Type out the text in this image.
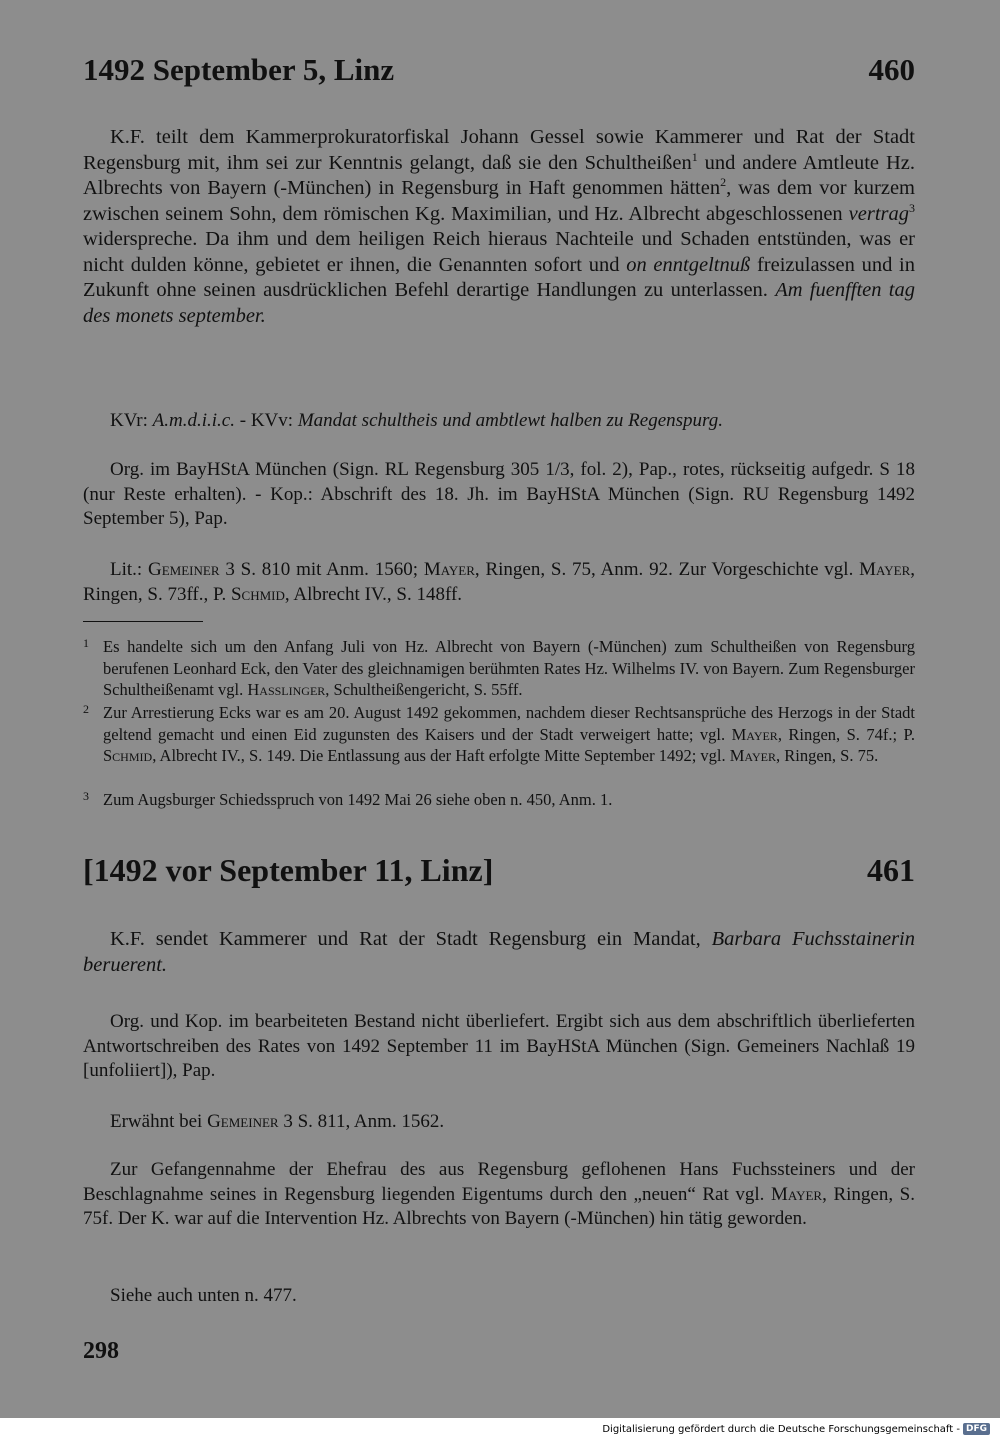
1492 September 5, Linz	460
K.F. teilt dem Kammerprokuratorfiskal Johann Gessel sowie Kammerer und Rat der Stadt Regensburg mit, ihm sei zur Kenntnis gelangt, daß sie den Schultheißen$^1$ und andere Amtleute Hz. Albrechts von Bayern (-München) in Regensburg in Haft genommen hätten$^2$, was dem vor kurzem zwischen seinem Sohn, dem römischen Kg. Maximilian, und Hz. Albrecht abgeschlossenen vertrag$^3$ widerspreche. Da ihm und dem heiligen Reich hieraus Nachteile und Schaden entstünden, was er nicht dulden könne, gebietet er ihnen, die Genannten sofort und on enntgeltnuß freizulassen und in Zukunft ohne seinen ausdrücklichen Befehl derartige Handlungen zu unterlassen. Am fuenfften tag des monets september.
KVr: A.m.d.i.i.c. - KVv: Mandat schultheis und ambtlewt halben zu Regenspurg.
Org. im BayHStA München (Sign. RL Regensburg 305 1/3, fol. 2), Pap., rotes, rückseitig aufgedr. S 18 (nur Reste erhalten). - Kop.: Abschrift des 18. Jh. im BayHStA München (Sign. RU Regensburg 1492 September 5), Pap.
Lit.: Gemeiner 3 S. 810 mit Anm. 1560; Mayer, Ringen, S. 75, Anm. 92. Zur Vorgeschichte vgl. Mayer, Ringen, S. 73ff., P. Schmid, Albrecht IV., S. 148ff.
1 Es handelte sich um den Anfang Juli von Hz. Albrecht von Bayern (-München) zum Schultheißen von Regensburg berufenen Leonhard Eck, den Vater des gleichnamigen berühmten Rates Hz. Wilhelms IV. von Bayern. Zum Regensburger Schultheißenamt vgl. Hasslinger, Schultheißengericht, S. 55ff.
2 Zur Arrestierung Ecks war es am 20. August 1492 gekommen, nachdem dieser Rechtsansprüche des Herzogs in der Stadt geltend gemacht und einen Eid zugunsten des Kaisers und der Stadt verweigert hatte; vgl. Mayer, Ringen, S. 74f.; P. Schmid, Albrecht IV., S. 149. Die Entlassung aus der Haft erfolgte Mitte September 1492; vgl. Mayer, Ringen, S. 75.
3 Zum Augsburger Schiedsspruch von 1492 Mai 26 siehe oben n. 450, Anm. 1.
[1492 vor September 11, Linz]	461
K.F. sendet Kammerer und Rat der Stadt Regensburg ein Mandat, Barbara Fuchsstainerin beruerent.
Org. und Kop. im bearbeiteten Bestand nicht überliefert. Ergibt sich aus dem abschriftlich überlieferten Antwortschreiben des Rates von 1492 September 11 im BayHStA München (Sign. Gemeiners Nachlaß 19 [unfoliiert]), Pap.
Erwähnt bei Gemeiner 3 S. 811, Anm. 1562.
Zur Gefangennahme der Ehefrau des aus Regensburg geflohenen Hans Fuchssteiners und der Beschlagnahme seines in Regensburg liegenden Eigentums durch den „neuen“ Rat vgl. Mayer, Ringen, S. 75f. Der K. war auf die Intervention Hz. Albrechts von Bayern (-München) hin tätig geworden.
Siehe auch unten n. 477.
298
Digitalisierung gefördert durch die Deutsche Forschungsgemeinschaft - DFG
